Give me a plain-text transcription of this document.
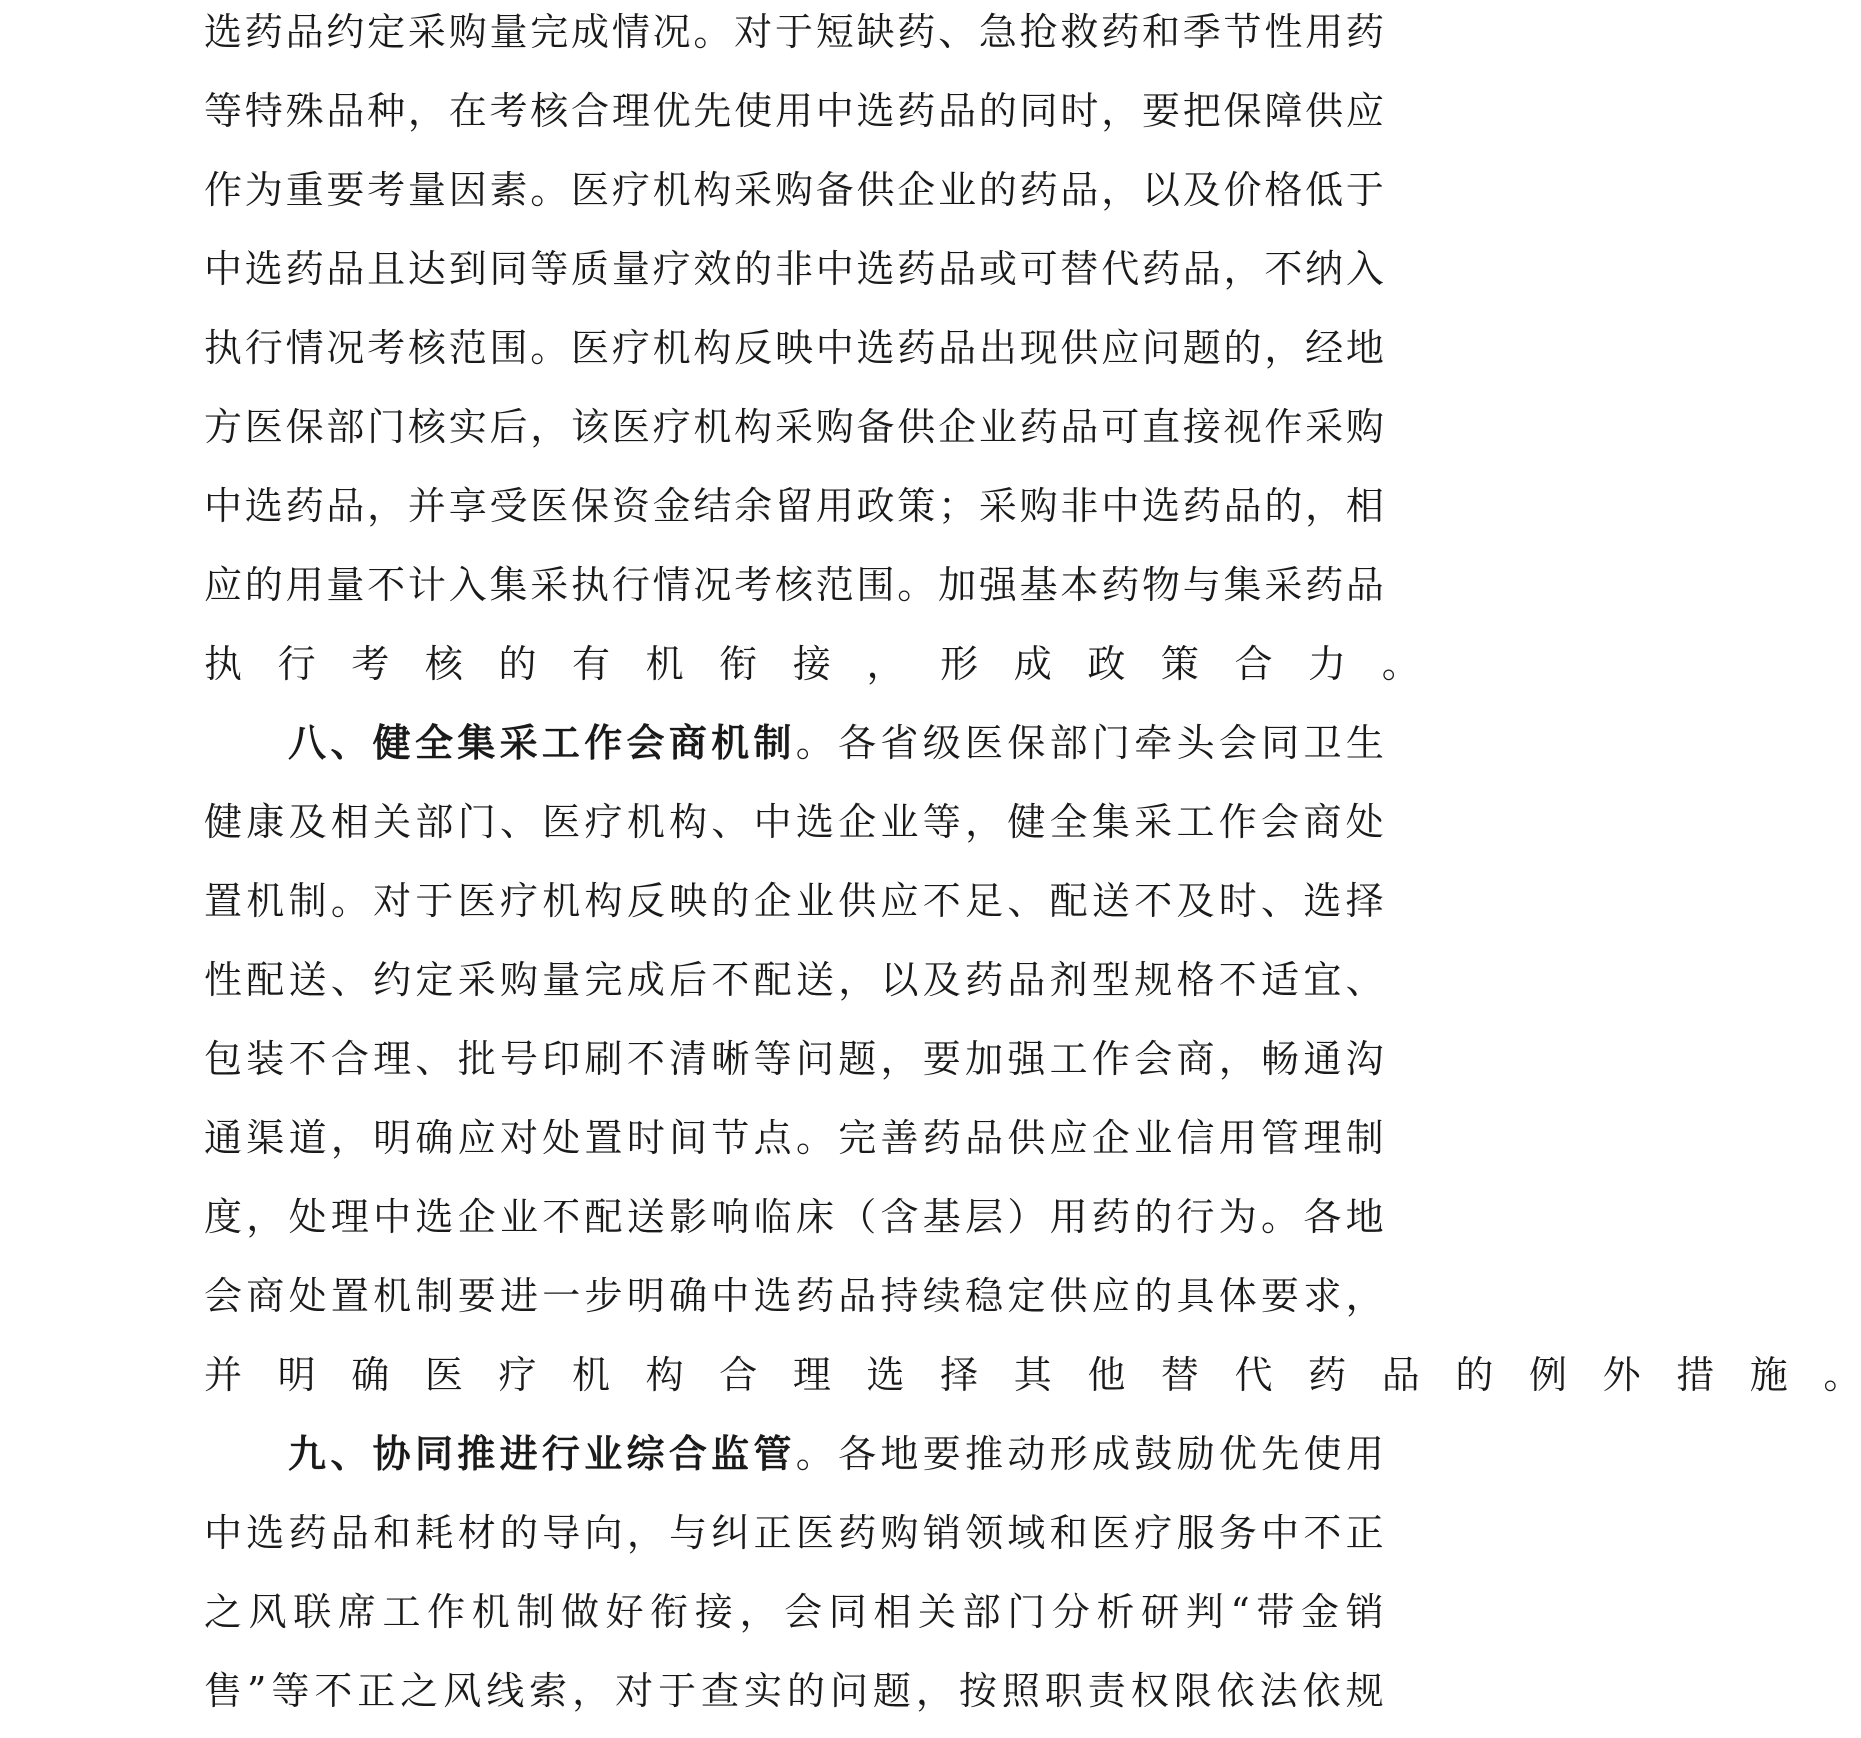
选 药 品 约 定 采 购 量 完 成 情 况 。 对 于 短 缺 药 、 急 抢 救 药 和 季 节 性 用 药
等 特 殊 品 种 ， 在 考 核 合 理 优 先 使 用 中 选 药 品 的 同 时 ， 要 把 保 障 供 应
作 为 重 要 考 量 因 素 。 医 疗 机 构 采 购 备 供 企 业 的 药 品 ， 以 及 价 格 低 于
中 选 药 品 且 达 到 同 等 质 量 疗 效 的 非 中 选 药 品 或 可 替 代 药 品 ， 不 纳 入
执 行 情 况 考 核 范 围 。 医 疗 机 构 反 映 中 选 药 品 出 现 供 应 问 题 的 ， 经 地
方 医 保 部 门 核 实 后 ， 该 医 疗 机 构 采 购 备 供 企 业 药 品 可 直 接 视 作 采 购
中 选 药 品 ， 并 享 受 医 保 资 金 结 余 留 用 政 策 ； 采 购 非 中 选 药 品 的 ， 相
应 的 用 量 不 计 入 集 采 执 行 情 况 考 核 范 围 。 加 强 基 本 药 物 与 集 采 药 品
执 行 考 核 的 有 机 衔 接 ， 形 成 政 策 合 力 。
八 、 健 全 集 采 工 作 会 商 机 制 。 各 省 级 医 保 部 门 牵 头 会 同 卫 生
健 康 及 相 关 部 门 、 医 疗 机 构 、 中 选 企 业 等 ， 健 全 集 采 工 作 会 商 处
置 机 制 。 对 于 医 疗 机 构 反 映 的 企 业 供 应 不 足 、 配 送 不 及 时 、 选 择
性 配 送 、 约 定 采 购 量 完 成 后 不 配 送 ， 以 及 药 品 剂 型 规 格 不 适 宜 、
包 装 不 合 理 、 批 号 印 刷 不 清 晰 等 问 题 ， 要 加 强 工 作 会 商 ， 畅 通 沟
通 渠 道 ， 明 确 应 对 处 置 时 间 节 点 。 完 善 药 品 供 应 企 业 信 用 管 理 制
度 ， 处 理 中 选 企 业 不 配 送 影 响 临 床 （ 含 基 层 ） 用 药 的 行 为 。 各 地
会 商 处 置 机 制 要 进 一 步 明 确 中 选 药 品 持 续 稳 定 供 应 的 具 体 要 求 ，
并 明 确 医 疗 机 构 合 理 选 择 其 他 替 代 药 品 的 例 外 措 施 。
九 、 协 同 推 进 行 业 综 合 监 管 。 各 地 要 推 动 形 成 鼓 励 优 先 使 用
中 选 药 品 和 耗 材 的 导 向 ， 与 纠 正 医 药 购 销 领 域 和 医 疗 服 务 中 不 正
之 风 联 席 工 作 机 制 做 好 衔 接 ， 会 同 相 关 部 门 分 析 研 判 “ 带 金 销
售 ” 等 不 正 之 风 线 索 ， 对 于 查 实 的 问 题 ， 按 照 职 责 权 限 依 法 依 规
